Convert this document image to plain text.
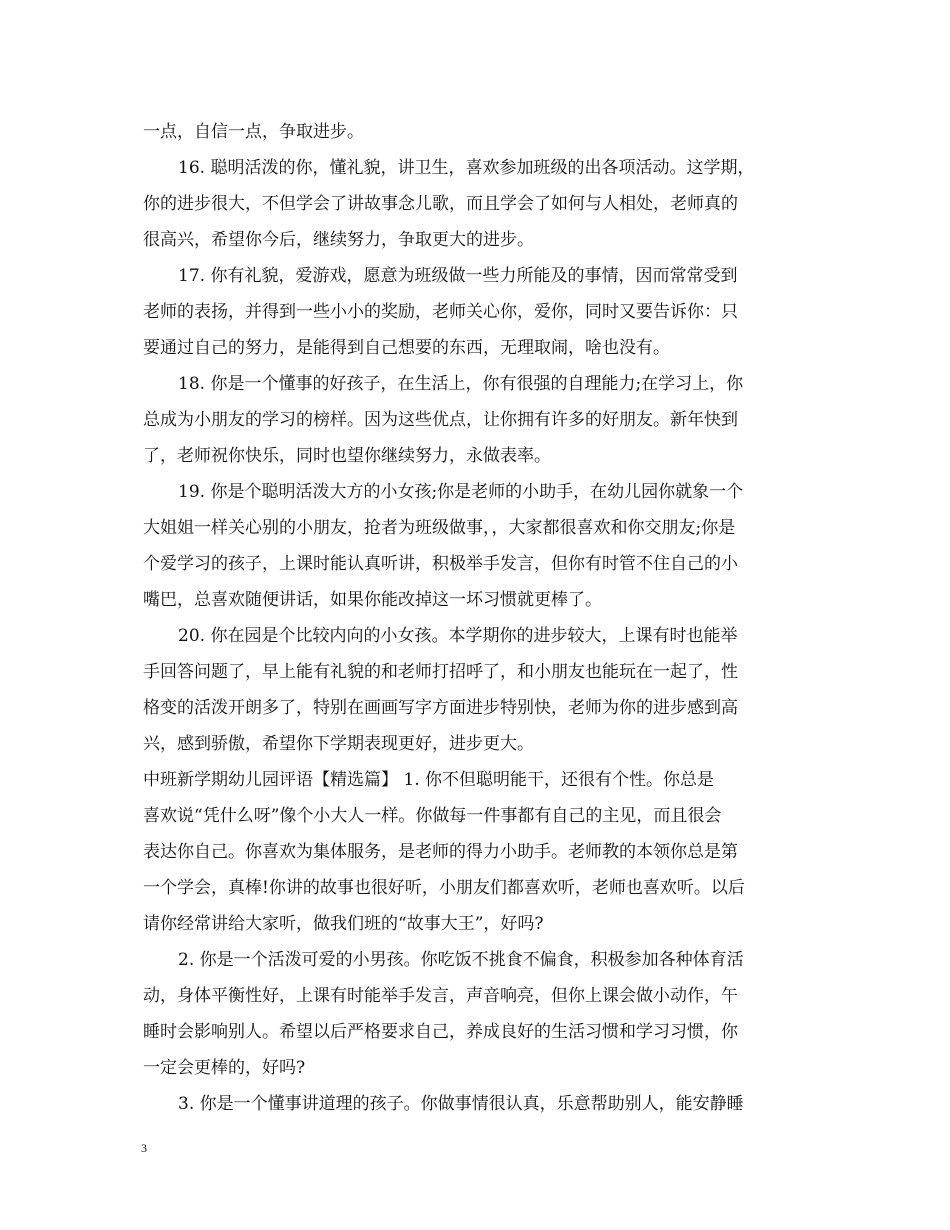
一点，自信一点，争取进步。
16. 聪明活泼的你，懂礼貌，讲卫生，喜欢参加班级的出各项活动。这学期，
你的进步很大，不但学会了讲故事念儿歌，而且学会了如何与人相处，老师真的
很高兴，希望你今后，继续努力，争取更大的进步。
17. 你有礼貌，爱游戏，愿意为班级做一些力所能及的事情，因而常常受到
老师的表扬，并得到一些小小的奖励，老师关心你，爱你，同时又要告诉你：只
要通过自己的努力，是能得到自己想要的东西，无理取闹，啥也没有。
18. 你是一个懂事的好孩子，在生活上，你有很强的自理能力;在学习上，你
总成为小朋友的学习的榜样。因为这些优点，让你拥有许多的好朋友。新年快到
了，老师祝你快乐，同时也望你继续努力，永做表率。
19. 你是个聪明活泼大方的小女孩;你是老师的小助手，在幼儿园你就象一个
大姐姐一样关心别的小朋友，抢者为班级做事，，大家都很喜欢和你交朋友;你是
个爱学习的孩子，上课时能认真听讲，积极举手发言，但你有时管不住自己的小
嘴巴，总喜欢随便讲话，如果你能改掉这一坏习惯就更棒了。
20. 你在园是个比较内向的小女孩。本学期你的进步较大，上课有时也能举
手回答问题了，早上能有礼貌的和老师打招呼了，和小朋友也能玩在一起了，性
格变的活泼开朗多了，特别在画画写字方面进步特别快，老师为你的进步感到高
兴，感到骄傲，希望你下学期表现更好，进步更大。
中班新学期幼儿园评语【精选篇】 1. 你不但聪明能干，还很有个性。你总是
喜欢说“凭什么呀”像个小大人一样。你做每一件事都有自己的主见，而且很会
表达你自己。你喜欢为集体服务，是老师的得力小助手。老师教的本领你总是第
一个学会，真棒!你讲的故事也很好听，小朋友们都喜欢听，老师也喜欢听。以后
请你经常讲给大家听，做我们班的“故事大王”，好吗?
2. 你是一个活泼可爱的小男孩。你吃饭不挑食不偏食，积极参加各种体育活
动，身体平衡性好，上课有时能举手发言，声音响亮，但你上课会做小动作，午
睡时会影响别人。希望以后严格要求自己，养成良好的生活习惯和学习习惯，你
一定会更棒的，好吗?
3. 你是一个懂事讲道理的孩子。你做事情很认真，乐意帮助别人，能安静睡
3
